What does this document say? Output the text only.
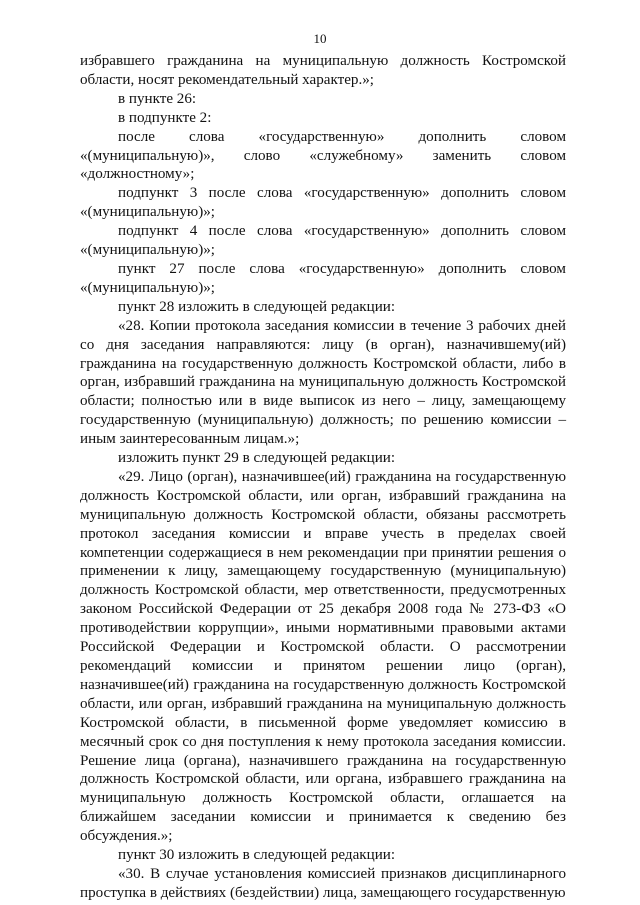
10

избравшего гражданина на муниципальную должность Костромской области, носят рекомендательный характер.»;

в пункте 26:

в подпункте 2:

после слова «государственную» дополнить словом «(муниципальную)», слово «служебному» заменить словом «должностному»;

подпункт 3 после слова «государственную» дополнить словом «(муниципальную)»;

подпункт 4 после слова «государственную» дополнить словом «(муниципальную)»;

пункт 27 после слова «государственную» дополнить словом «(муниципальную)»;

пункт 28 изложить в следующей редакции:

«28. Копии протокола заседания комиссии в течение 3 рабочих дней со дня заседания направляются: лицу (в орган), назначившему(ий) гражданина на государственную должность Костромской области, либо в орган, избравший гражданина на муниципальную должность Костромской области; полностью или в виде выписок из него – лицу, замещающему государственную (муниципальную) должность; по решению комиссии – иным заинтересованным лицам.»;

изложить пункт 29 в следующей редакции:

«29. Лицо (орган), назначившее(ий) гражданина на государственную должность Костромской области, или орган, избравший гражданина на муниципальную должность Костромской области, обязаны рассмотреть протокол заседания комиссии и вправе учесть в пределах своей компетенции содержащиеся в нем рекомендации при принятии решения о применении к лицу, замещающему государственную (муниципальную) должность Костромской области, мер ответственности, предусмотренных законом Российской Федерации от 25 декабря 2008 года № 273-ФЗ «О противодействии коррупции», иными нормативными правовыми актами Российской Федерации и Костромской области. О рассмотрении рекомендаций комиссии и принятом решении лицо (орган), назначившее(ий) гражданина на государственную должность Костромской области, или орган, избравший гражданина на муниципальную должность Костромской области, в письменной форме уведомляет комиссию в месячный срок со дня поступления к нему протокола заседания комиссии. Решение лица (органа), назначившего гражданина на государственную должность Костромской области, или органа, избравшего гражданина на муниципальную должность Костромской области, оглашается на ближайшем заседании комиссии и принимается к сведению без обсуждения.»;

пункт 30 изложить в следующей редакции:

«30. В случае установления комиссией признаков дисциплинарного проступка в действиях (бездействии) лица, замещающего государственную
